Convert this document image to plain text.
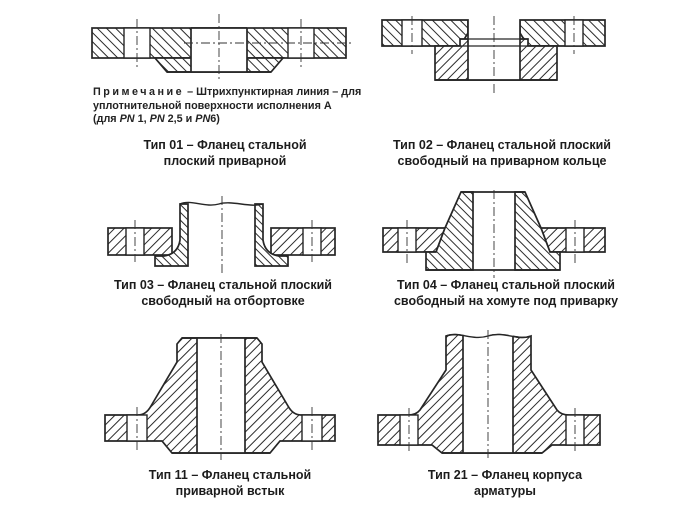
Примечание – Штрихпунктирная линия – для
уплотнительной поверхности исполнения А
(для PN 1, PN 2,5 и PN6)
Тип 01 – Фланец стальной
плоский приварной
Тип 02 – Фланец стальной плоский
свободный на приварном кольце
Тип 03 – Фланец стальной плоский
свободный на отбортовке
Тип 04 – Фланец стальной плоский
свободный на хомуте под приварку
Тип 11 – Фланец стальной
приварной встык
Тип 21 – Фланец корпуса
арматуры
